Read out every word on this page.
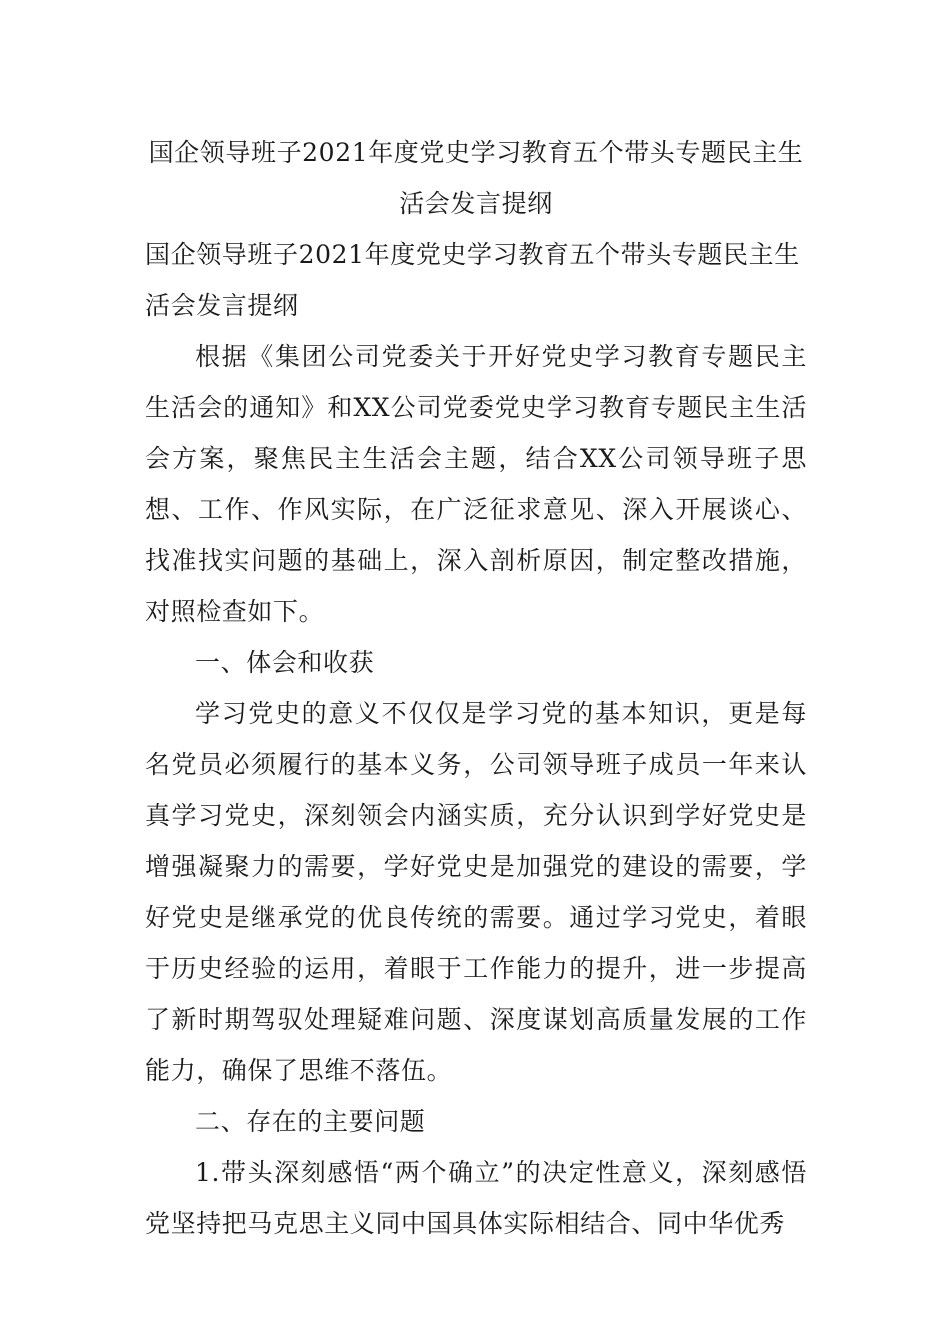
国企领导班子2021年度党史学习教育五个带头专题民主生活会发言提纲
国企领导班子2021年度党史学习教育五个带头专题民主生活会发言提纲

根据《集团公司党委关于开好党史学习教育专题民主生活会的通知》和XX公司党委党史学习教育专题民主生活会方案，聚焦民主生活会主题，结合XX公司领导班子思想、工作、作风实际，在广泛征求意见、深入开展谈心、找准找实问题的基础上，深入剖析原因，制定整改措施，对照检查如下。

一、体会和收获

学习党史的意义不仅仅是学习党的基本知识，更是每名党员必须履行的基本义务，公司领导班子成员一年来认真学习党史，深刻领会内涵实质，充分认识到学好党史是增强凝聚力的需要，学好党史是加强党的建设的需要，学好党史是继承党的优良传统的需要。通过学习党史，着眼于历史经验的运用，着眼于工作能力的提升，进一步提高了新时期驾驭处理疑难问题、深度谋划高质量发展的工作能力，确保了思维不落伍。

二、存在的主要问题

1.带头深刻感悟“两个确立”的决定性意义，深刻感悟党坚持把马克思主义同中国具体实际相结合、同中华优秀
